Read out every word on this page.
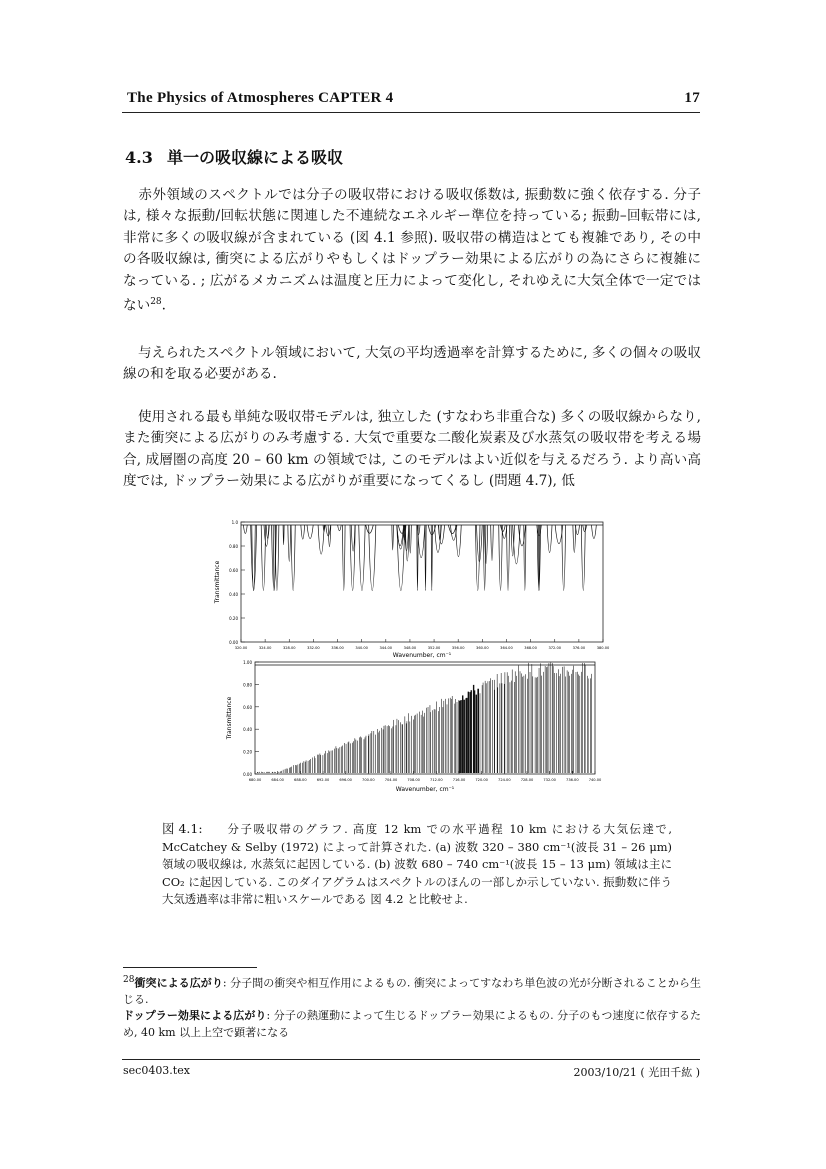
The Physics of Atmospheres CAPTER 4	17
4.3 単一の吸収線による吸収
赤外領域のスペクトルでは分子の吸収帯における吸収係数は, 振動数に強く依存する. 分子は, 様々な振動/回転状態に関連した不連続なエネルギー準位を持っている; 振動–回転帯には, 非常に多くの吸収線が含まれている (図 4.1 参照). 吸収帯の構造はとても複雑であり, その中の各吸収線は, 衝突による広がりやもしくはドップラー効果による広がりの為にさらに複雑になっている. ; 広がるメカニズムは温度と圧力によって変化し, それゆえに大気全体で一定ではない$^{28}$.
与えられたスペクトル領域において, 大気の平均透過率を計算するために, 多くの個々の吸収線の和を取る必要がある.
使用される最も単純な吸収帯モデルは, 独立した (すなわち非重合な) 多くの吸収線からなり, また衝突による広がりのみ考慮する. 大気で重要な二酸化炭素及び水蒸気の吸収帯を考える場合, 成層圏の高度 20 – 60 km の領域では, このモデルはよい近似を与えるだろう. より高い高度では, ドップラー効果による広がりが重要になってくるし (問題 4.7), 低
1.0
0.80
0.60
0.40
0.20
0.00
320.00	324.00	328.00	332.00	336.00	340.00	344.00	348.00	352.00	356.00	360.00	364.00	368.00	372.00	376.00	380.00
Transmittance
Wavenumber, cm⁻¹
1.00
0.80
0.60
0.40
0.20
0.00
680.00	684.00	688.00	692.00	696.00	700.00	704.00	708.00	712.00	716.00	720.00	724.00	728.00	732.00	736.00	740.00
Transmittance
Wavenumber, cm⁻¹
図 4.1: 分子吸収帯のグラフ. 高度 12 km での水平過程 10 km における大気伝達で, McCatchey & Selby (1972) によって計算された. (a) 波数 320 – 380 cm⁻¹(波長 31 – 26 μm) 領域の吸収線は, 水蒸気に起因している. (b) 波数 680 – 740 cm⁻¹(波長 15 – 13 μm) 領域は主に CO₂ に起因している. このダイアグラムはスペクトルのほんの一部しか示していない. 振動数に伴う大気透過率は非常に粗いスケールである 図 4.2 と比較せよ.
$^{28}$衝突による広がり: 分子間の衝突や相互作用によるもの. 衝突によってすなわち単色波の光が分断されることから生じる.
ドップラー効果による広がり: 分子の熱運動によって生じるドップラー効果によるもの. 分子のもつ速度に依存するため, 40 km 以上上空で顕著になる
sec0403.tex	2003/10/21 ( 光田千紘 )
